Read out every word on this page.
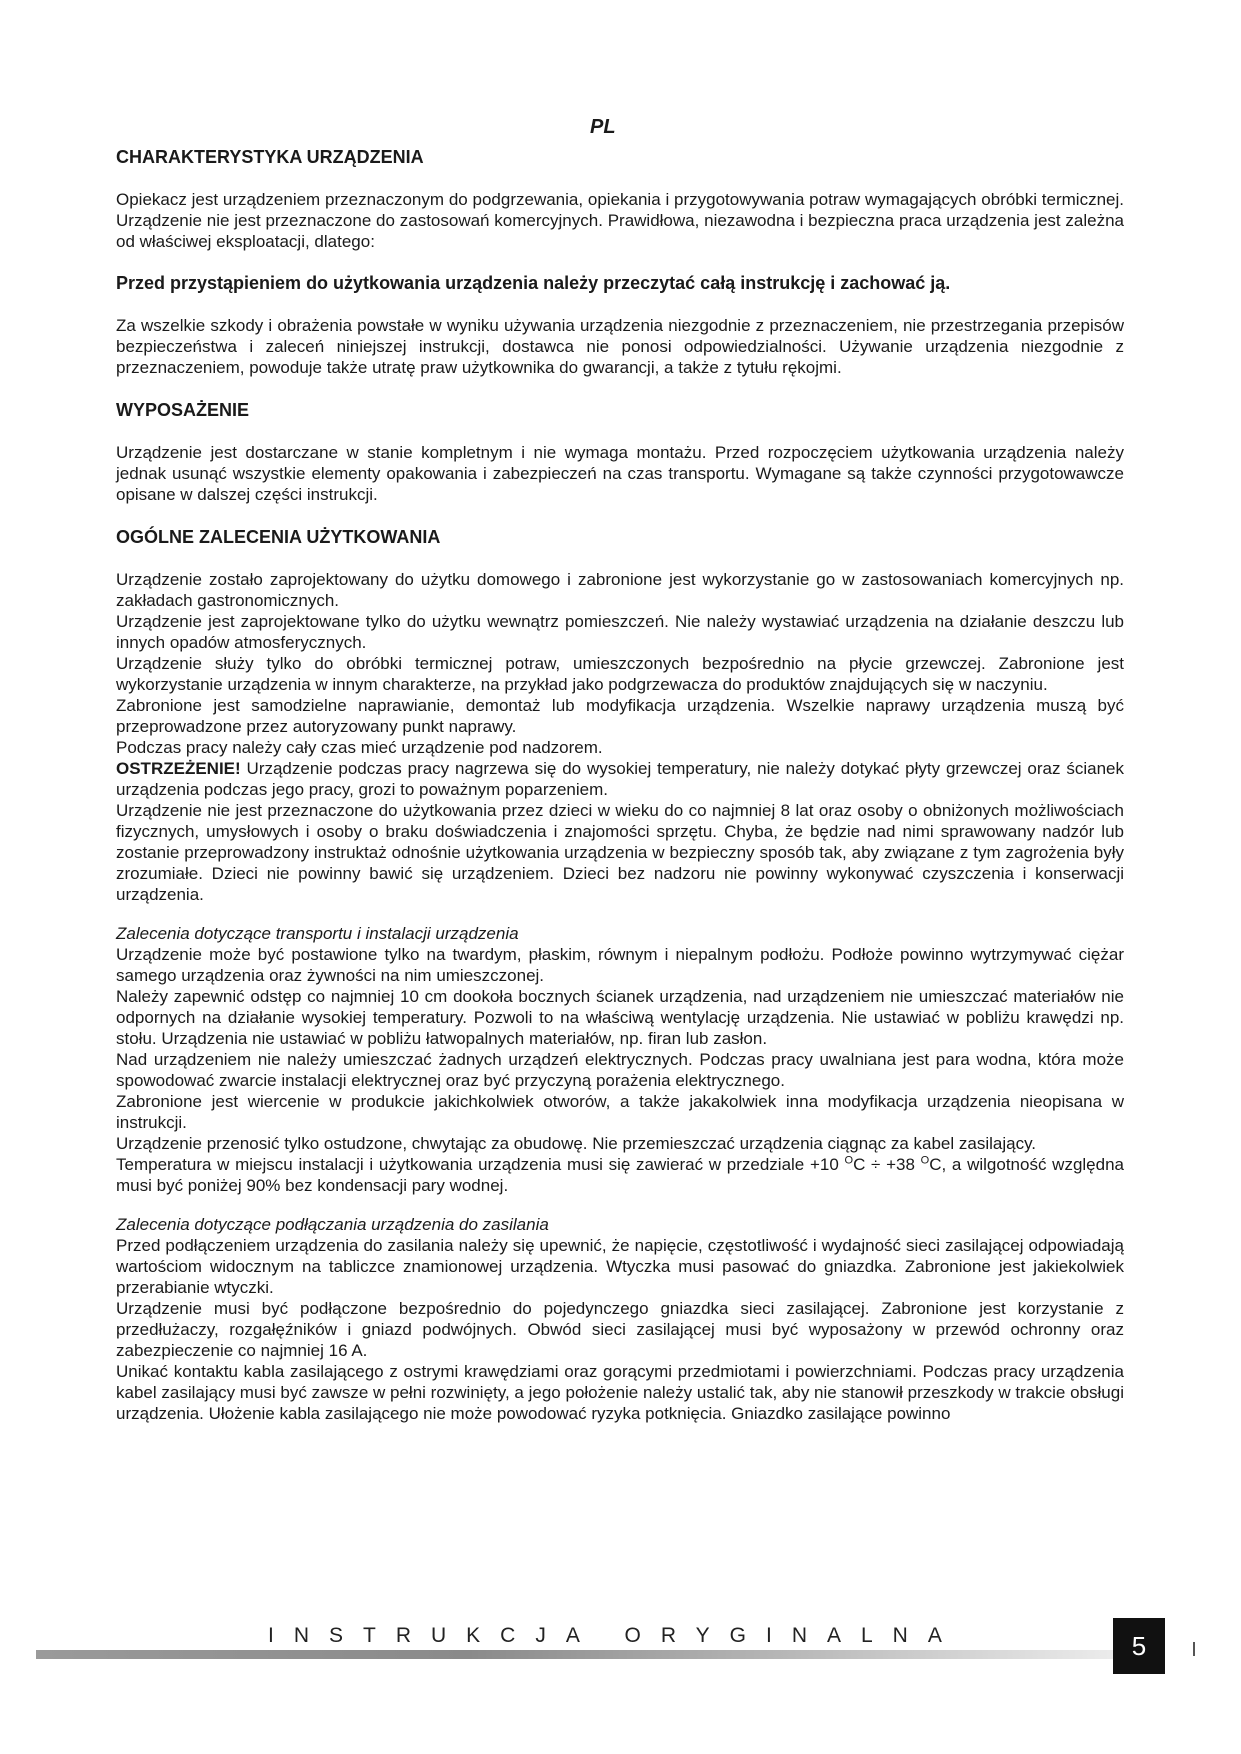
PL
CHARAKTERYSTYKA URZĄDZENIA

Opiekacz jest urządzeniem przeznaczonym do podgrzewania, opiekania i przygotowywania potraw wymagających obróbki termicznej. Urządzenie nie jest przeznaczone do zastosowań komercyjnych. Prawidłowa, niezawodna i bezpieczna praca urządzenia jest zależna od właściwej eksploatacji, dlatego:

Przed przystąpieniem do użytkowania urządzenia należy przeczytać całą instrukcję i zachować ją.

Za wszelkie szkody i obrażenia powstałe w wyniku używania urządzenia niezgodnie z przeznaczeniem, nie przestrzegania przepisów bezpieczeństwa i zaleceń niniejszej instrukcji, dostawca nie ponosi odpowiedzialności. Używanie urządzenia niezgodnie z przeznaczeniem, powoduje także utratę praw użytkownika do gwarancji, a także z tytułu rękojmi.

WYPOSAŻENIE

Urządzenie jest dostarczane w stanie kompletnym i nie wymaga montażu. Przed rozpoczęciem użytkowania urządzenia należy jednak usunąć wszystkie elementy opakowania i zabezpieczeń na czas transportu. Wymagane są także czynności przygotowawcze opisane w dalszej części instrukcji.

OGÓLNE ZALECENIA UŻYTKOWANIA

Urządzenie zostało zaprojektowany do użytku domowego i zabronione jest wykorzystanie go w zastosowaniach komercyjnych np. zakładach gastronomicznych.

Urządzenie jest zaprojektowane tylko do użytku wewnątrz pomieszczeń. Nie należy wystawiać urządzenia na działanie deszczu lub innych opadów atmosferycznych.

Urządzenie służy tylko do obróbki termicznej potraw, umieszczonych bezpośrednio na płycie grzewczej. Zabronione jest wykorzystanie urządzenia w innym charakterze, na przykład jako podgrzewacza do produktów znajdujących się w naczyniu.

Zabronione jest samodzielne naprawianie, demontaż lub modyfikacja urządzenia. Wszelkie naprawy urządzenia muszą być przeprowadzone przez autoryzowany punkt naprawy.

Podczas pracy należy cały czas mieć urządzenie pod nadzorem.

OSTRZEŻENIE! Urządzenie podczas pracy nagrzewa się do wysokiej temperatury, nie należy dotykać płyty grzewczej oraz ścianek urządzenia podczas jego pracy, grozi to poważnym poparzeniem.

Urządzenie nie jest przeznaczone do użytkowania przez dzieci w wieku do co najmniej 8 lat oraz osoby o obniżonych możliwościach fizycznych, umysłowych i osoby o braku doświadczenia i znajomości sprzętu. Chyba, że będzie nad nimi sprawowany nadzór lub zostanie przeprowadzony instruktaż odnośnie użytkowania urządzenia w bezpieczny sposób tak, aby związane z tym zagrożenia były zrozumiałe. Dzieci nie powinny bawić się urządzeniem. Dzieci bez nadzoru nie powinny wykonywać czyszczenia i konserwacji urządzenia.

Zalecenia dotyczące transportu i instalacji urządzenia

Urządzenie może być postawione tylko na twardym, płaskim, równym i niepalnym podłożu. Podłoże powinno wytrzymywać ciężar samego urządzenia oraz żywności na nim umieszczonej.

Należy zapewnić odstęp co najmniej 10 cm dookoła bocznych ścianek urządzenia, nad urządzeniem nie umieszczać materiałów nie odpornych na działanie wysokiej temperatury. Pozwoli to na właściwą wentylację urządzenia. Nie ustawiać w pobliżu krawędzi np. stołu. Urządzenia nie ustawiać w pobliżu łatwopalnych materiałów, np. firan lub zasłon.

Nad urządzeniem nie należy umieszczać żadnych urządzeń elektrycznych. Podczas pracy uwalniana jest para wodna, która może spowodować zwarcie instalacji elektrycznej oraz być przyczyną porażenia elektrycznego.

Zabronione jest wiercenie w produkcie jakichkolwiek otworów, a także jakakolwiek inna modyfikacja urządzenia nieopisana w instrukcji.

Urządzenie przenosić tylko ostudzone, chwytając za obudowę. Nie przemieszczać urządzenia ciągnąc za kabel zasilający.

Temperatura w miejscu instalacji i użytkowania urządzenia musi się zawierać w przedziale +10 $^O$C ÷ +38 $^O$C, a wilgotność względna musi być poniżej 90% bez kondensacji pary wodnej.

Zalecenia dotyczące podłączania urządzenia do zasilania

Przed podłączeniem urządzenia do zasilania należy się upewnić, że napięcie, częstotliwość i wydajność sieci zasilającej odpowiadają wartościom widocznym na tabliczce znamionowej urządzenia. Wtyczka musi pasować do gniazdka. Zabronione jest jakiekolwiek przerabianie wtyczki.

Urządzenie musi być podłączone bezpośrednio do pojedynczego gniazdka sieci zasilającej. Zabronione jest korzystanie z przedłużaczy, rozgałęźników i gniazd podwójnych. Obwód sieci zasilającej musi być wyposażony w przewód ochronny oraz zabezpieczenie co najmniej 16 A.

Unikać kontaktu kabla zasilającego z ostrymi krawędziami oraz gorącymi przedmiotami i powierzchniami. Podczas pracy urządzenia kabel zasilający musi być zawsze w pełni rozwinięty, a jego położenie należy ustalić tak, aby nie stanowił przeszkody w trakcie obsługi urządzenia. Ułożenie kabla zasilającego nie może powodować ryzyka potknięcia. Gniazdko zasilające powinno

INSTRUKCJA ORYGINALNA	5
